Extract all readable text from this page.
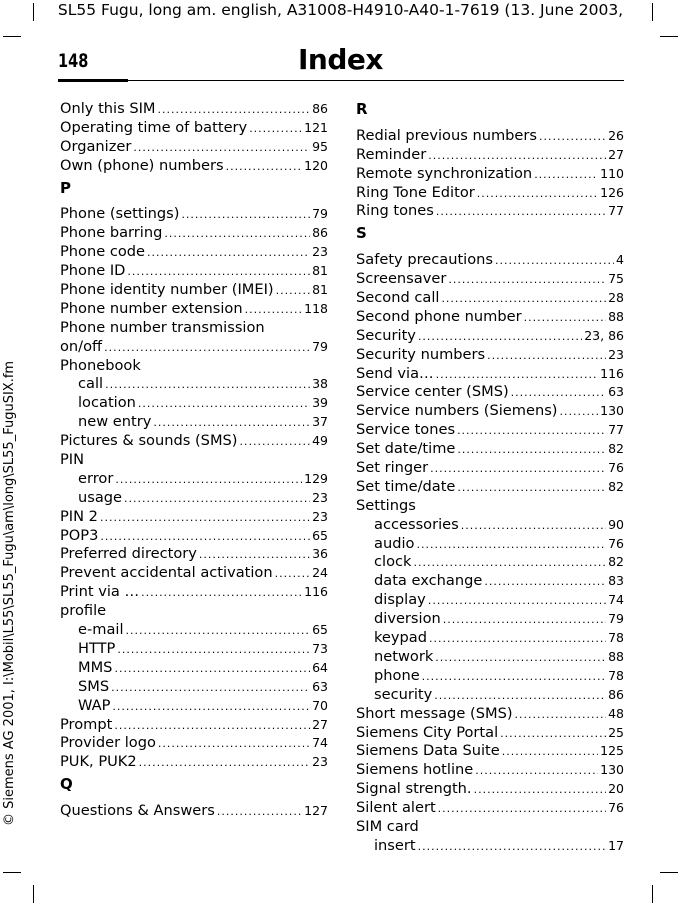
SL55 Fugu, long am. english, A31008-H4910-A40-1-7619 (13. June 2003,
© Siemens AG 2001, I:\Mobil\L55\SL55_Fugu\am\long\SL55_FuguSIX.fm
148	Index
Only this SIM .....	86
Operating time of battery .....	121
Organizer .....	95
Own (phone) numbers .....	120
P
Phone (settings) .....	79
Phone barring .....	86
Phone code .....	23
Phone ID .....	81
Phone identity number (IMEI) .....	81
Phone number extension .....	118
Phone number transmission
on/off .....	79
Phonebook
call .....	38
location .....	39
new entry .....	37
Pictures & sounds (SMS) .....	49
PIN
error .....	129
usage .....	23
PIN 2 .....	23
POP3 .....	65
Preferred directory .....	36
Prevent accidental activation .....	24
Print via … .....	116
profile
e-mail .....	65
HTTP .....	73
MMS .....	64
SMS .....	63
WAP .....	70
Prompt .....	27
Provider logo .....	74
PUK, PUK2 .....	23
Q
Questions & Answers .....	127
R
Redial previous numbers .....	26
Reminder .....	27
Remote synchronization .....	110
Ring Tone Editor .....	126
Ring tones .....	77
S
Safety precautions .....	4
Screensaver .....	75
Second call .....	28
Second phone number .....	88
Security .....	23, 86
Security numbers .....	23
Send via… .....	116
Service center (SMS) .....	63
Service numbers (Siemens) .....	130
Service tones .....	77
Set date/time .....	82
Set ringer .....	76
Set time/date .....	82
Settings
accessories .....	90
audio .....	76
clock .....	82
data exchange .....	83
display .....	74
diversion .....	79
keypad .....	78
network .....	88
phone .....	78
security .....	86
Short message (SMS) .....	48
Siemens City Portal .....	25
Siemens Data Suite .....	125
Siemens hotline .....	130
Signal strength. .....	20
Silent alert .....	76
SIM card
insert .....	17
